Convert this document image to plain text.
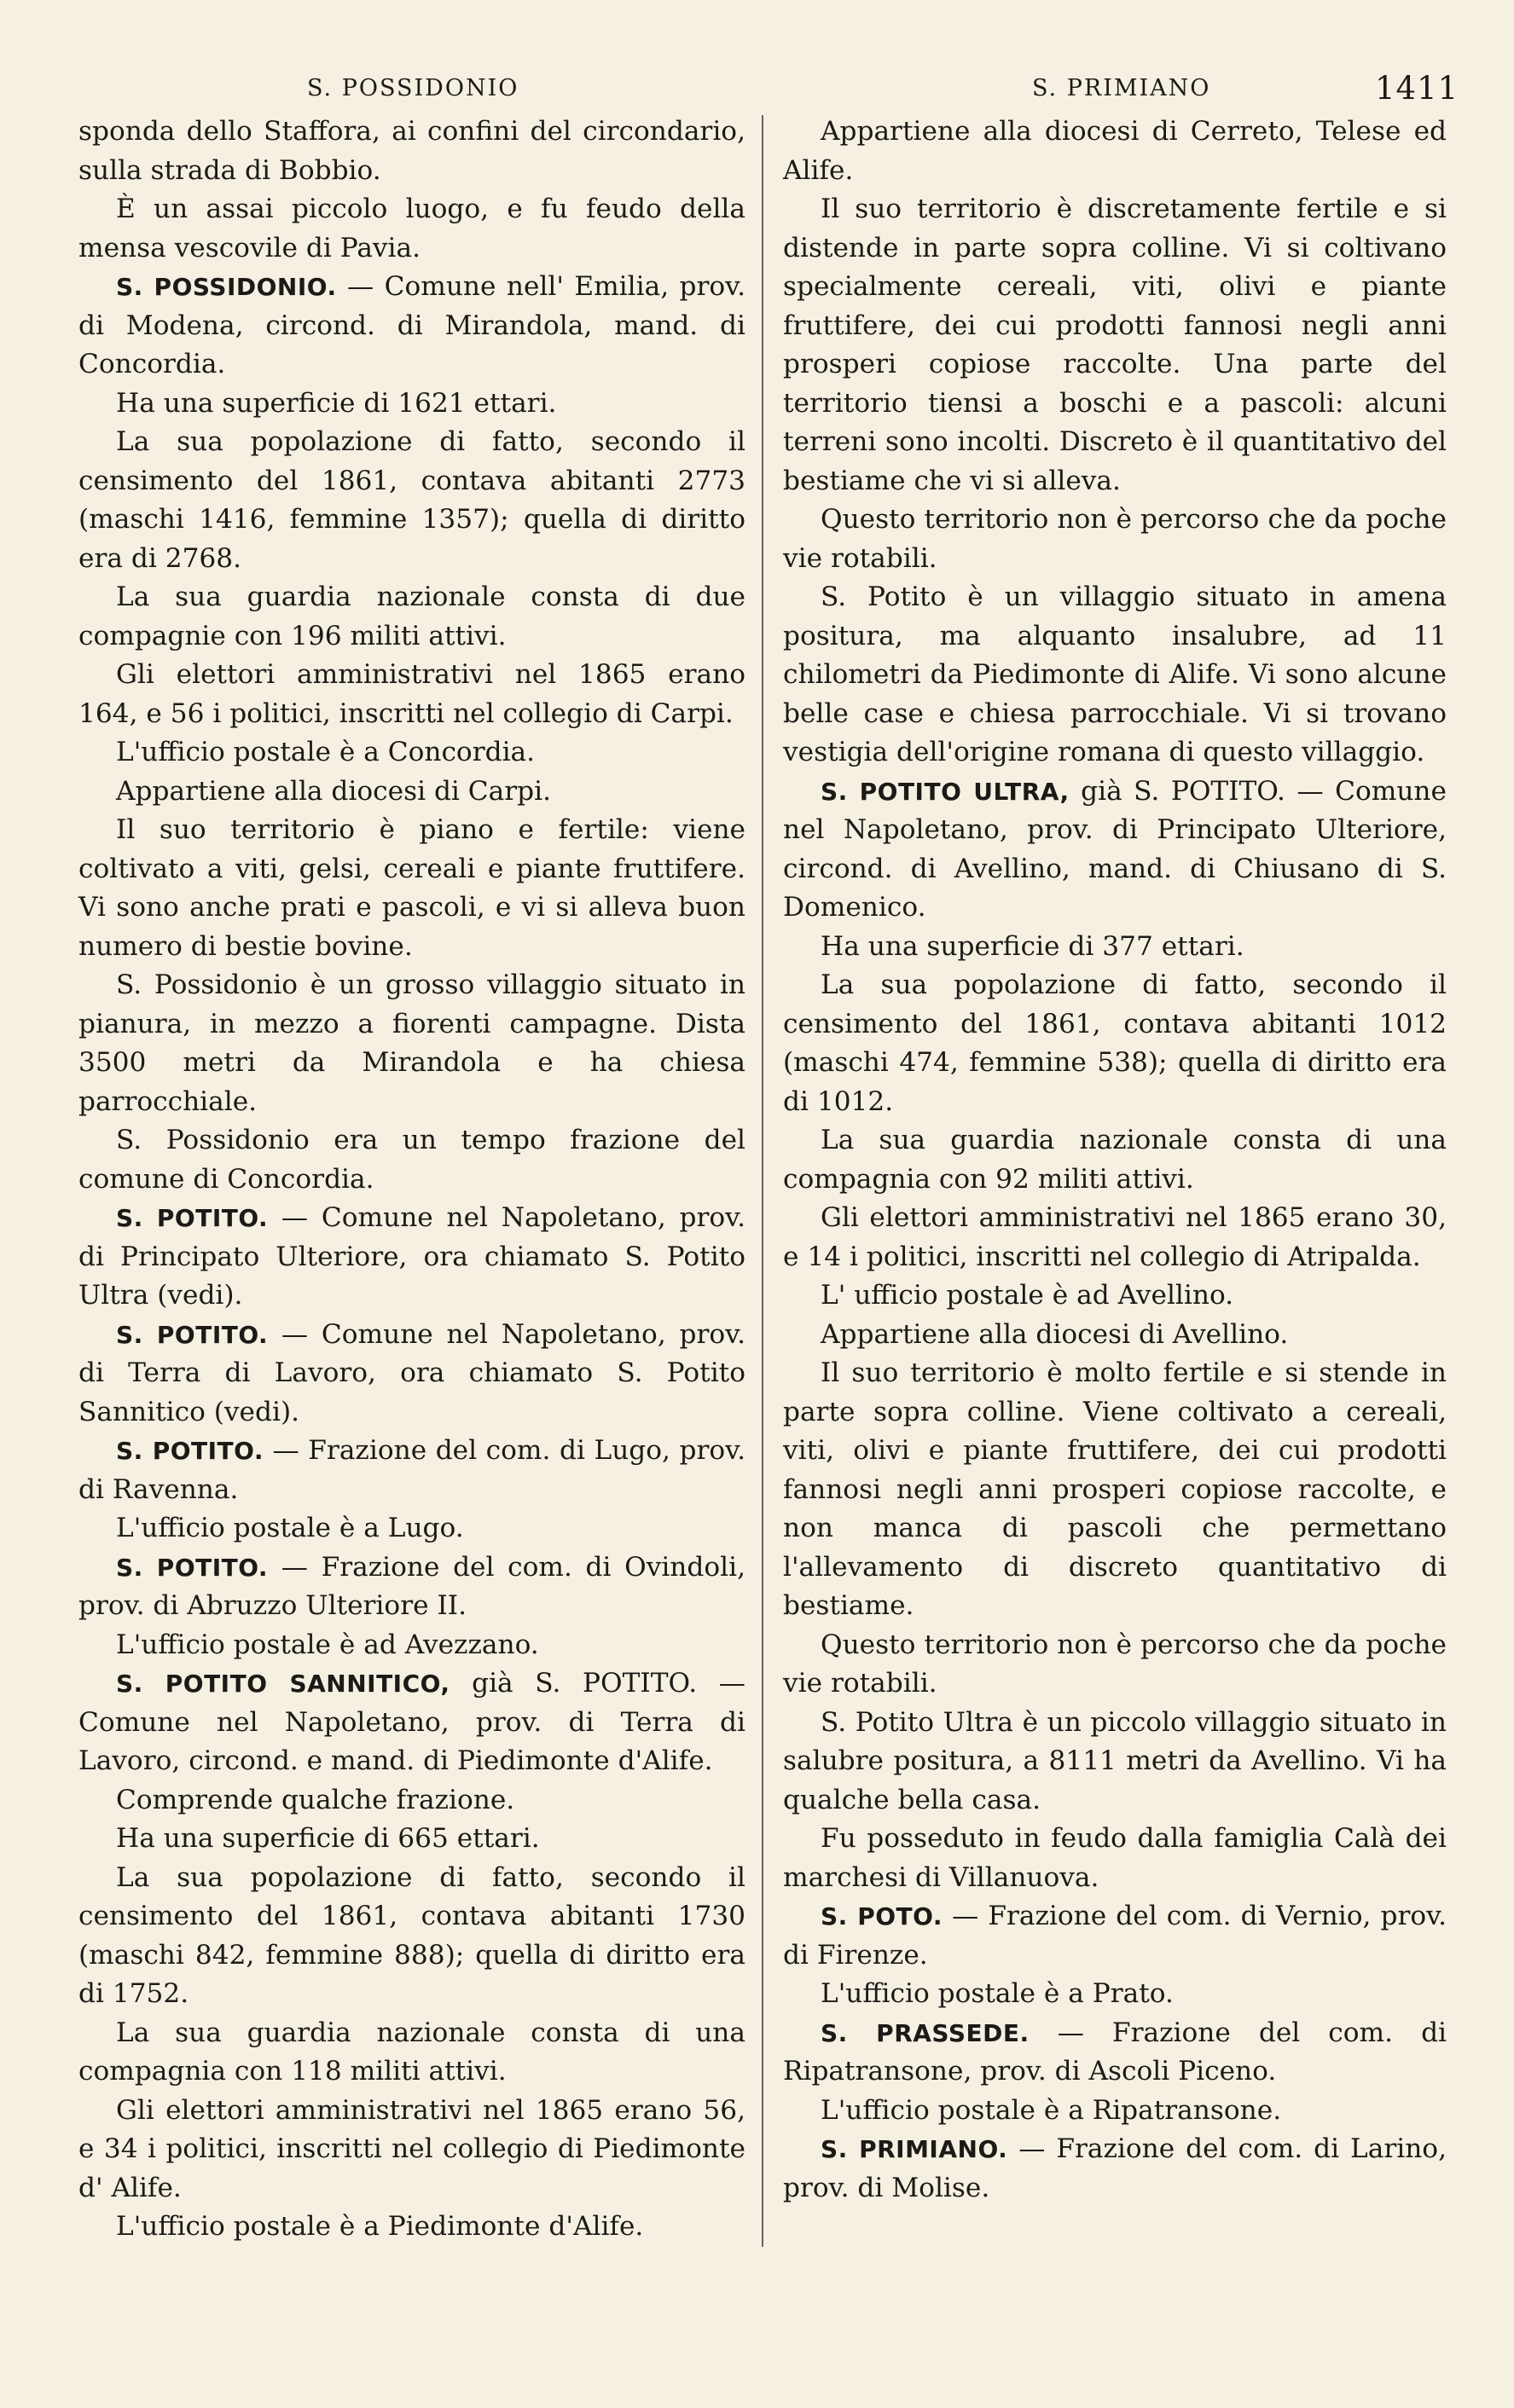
S. POSSIDONIO	S. PRIMIANO	1411

sponda dello Staffora, ai confini del circondario, sulla strada di Bobbio.

È un assai piccolo luogo, e fu feudo della mensa vescovile di Pavia.

S. POSSIDONIO. — Comune nell' Emilia, prov. di Modena, circond. di Mirandola, mand. di Concordia.

Ha una superficie di 1621 ettari.

La sua popolazione di fatto, secondo il censimento del 1861, contava abitanti 2773 (maschi 1416, femmine 1357); quella di diritto era di 2768.

La sua guardia nazionale consta di due compagnie con 196 militi attivi.

Gli elettori amministrativi nel 1865 erano 164, e 56 i politici, inscritti nel collegio di Carpi.

L'ufficio postale è a Concordia.

Appartiene alla diocesi di Carpi.

Il suo territorio è piano e fertile: viene coltivato a viti, gelsi, cereali e piante fruttifere. Vi sono anche prati e pascoli, e vi si alleva buon numero di bestie bovine.

S. Possidonio è un grosso villaggio situato in pianura, in mezzo a fiorenti campagne. Dista 3500 metri da Mirandola e ha chiesa parrocchiale.

S. Possidonio era un tempo frazione del comune di Concordia.

S. POTITO. — Comune nel Napoletano, prov. di Principato Ulteriore, ora chiamato S. Potito Ultra (vedi).

S. POTITO. — Comune nel Napoletano, prov. di Terra di Lavoro, ora chiamato S. Potito Sannitico (vedi).

S. POTITO. — Frazione del com. di Lugo, prov. di Ravenna.

L'ufficio postale è a Lugo.

S. POTITO. — Frazione del com. di Ovindoli, prov. di Abruzzo Ulteriore II.

L'ufficio postale è ad Avezzano.

S. POTITO SANNITICO, già S. POTITO. — Comune nel Napoletano, prov. di Terra di Lavoro, circond. e mand. di Piedimonte d'Alife.

Comprende qualche frazione.

Ha una superficie di 665 ettari.

La sua popolazione di fatto, secondo il censimento del 1861, contava abitanti 1730 (maschi 842, femmine 888); quella di diritto era di 1752.

La sua guardia nazionale consta di una compagnia con 118 militi attivi.

Gli elettori amministrativi nel 1865 erano 56, e 34 i politici, inscritti nel collegio di Piedimonte d' Alife.

L'ufficio postale è a Piedimonte d'Alife.

Appartiene alla diocesi di Cerreto, Telese ed Alife.

Il suo territorio è discretamente fertile e si distende in parte sopra colline. Vi si coltivano specialmente cereali, viti, olivi e piante fruttifere, dei cui prodotti fannosi negli anni prosperi copiose raccolte. Una parte del territorio tiensi a boschi e a pascoli: alcuni terreni sono incolti. Discreto è il quantitativo del bestiame che vi si alleva.

Questo territorio non è percorso che da poche vie rotabili.

S. Potito è un villaggio situato in amena positura, ma alquanto insalubre, ad 11 chilometri da Piedimonte di Alife. Vi sono alcune belle case e chiesa parrocchiale. Vi si trovano vestigia dell'origine romana di questo villaggio.

S. POTITO ULTRA, già S. POTITO. — Comune nel Napoletano, prov. di Principato Ulteriore, circond. di Avellino, mand. di Chiusano di S. Domenico.

Ha una superficie di 377 ettari.

La sua popolazione di fatto, secondo il censimento del 1861, contava abitanti 1012 (maschi 474, femmine 538); quella di diritto era di 1012.

La sua guardia nazionale consta di una compagnia con 92 militi attivi.

Gli elettori amministrativi nel 1865 erano 30, e 14 i politici, inscritti nel collegio di Atripalda.

L' ufficio postale è ad Avellino.

Appartiene alla diocesi di Avellino.

Il suo territorio è molto fertile e si stende in parte sopra colline. Viene coltivato a cereali, viti, olivi e piante fruttifere, dei cui prodotti fannosi negli anni prosperi copiose raccolte, e non manca di pascoli che permettano l'allevamento di discreto quantitativo di bestiame.

Questo territorio non è percorso che da poche vie rotabili.

S. Potito Ultra è un piccolo villaggio situato in salubre positura, a 8111 metri da Avellino. Vi ha qualche bella casa.

Fu posseduto in feudo dalla famiglia Calà dei marchesi di Villanuova.

S. POTO. — Frazione del com. di Vernio, prov. di Firenze.

L'ufficio postale è a Prato.

S. PRASSEDE. — Frazione del com. di Ripatransone, prov. di Ascoli Piceno.

L'ufficio postale è a Ripatransone.

S. PRIMIANO. — Frazione del com. di Larino, prov. di Molise.
